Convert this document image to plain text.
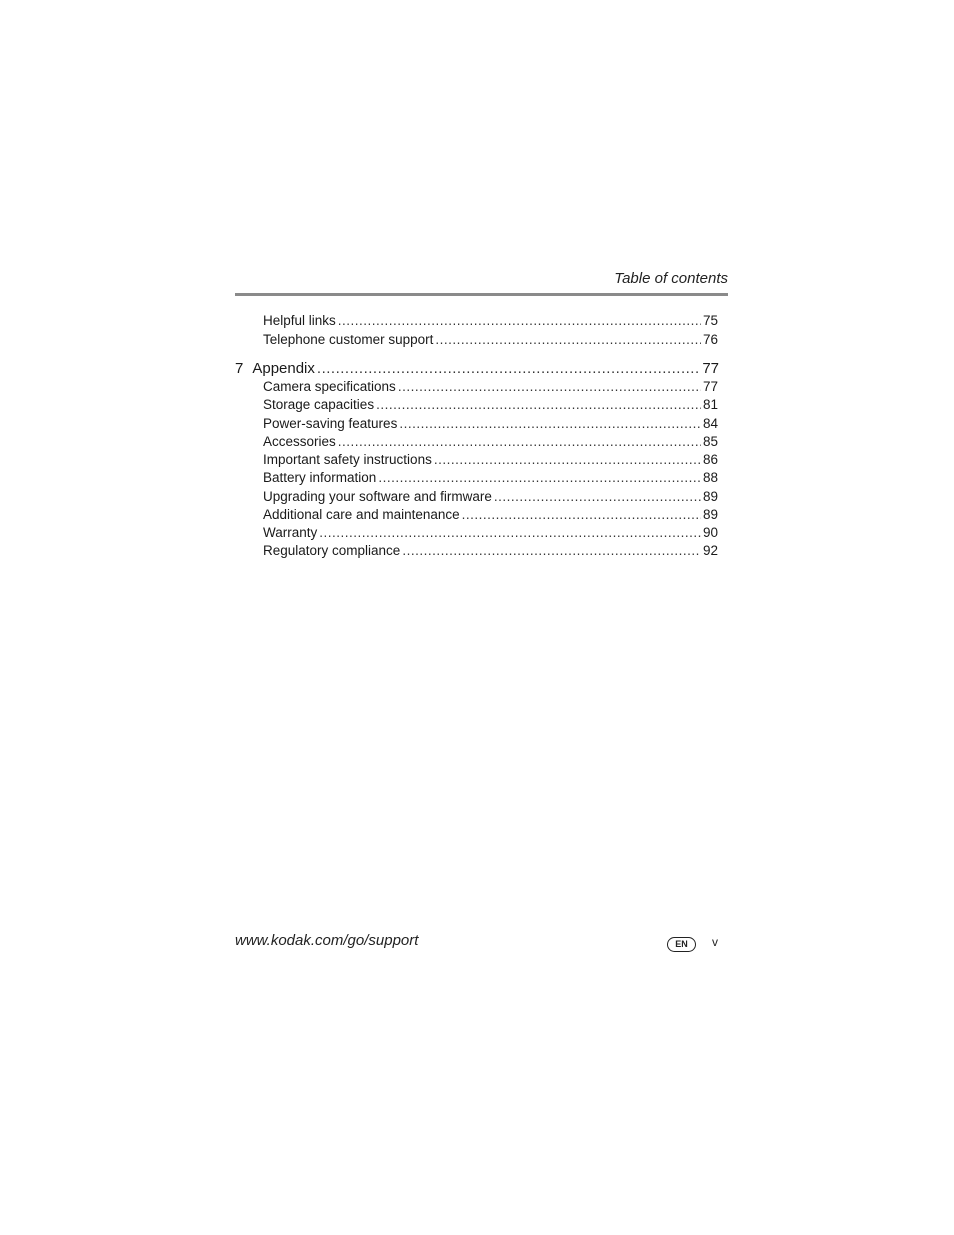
Table of contents
Helpful links .....	75
Telephone customer support .....	76
7 Appendix .....	77
Camera specifications .....	77
Storage capacities .....	81
Power-saving features .....	84
Accessories .....	85
Important safety instructions .....	86
Battery information .....	88
Upgrading your software and firmware .....	89
Additional care and maintenance .....	89
Warranty .....	90
Regulatory compliance .....	92
www.kodak.com/go/support	EN	v
